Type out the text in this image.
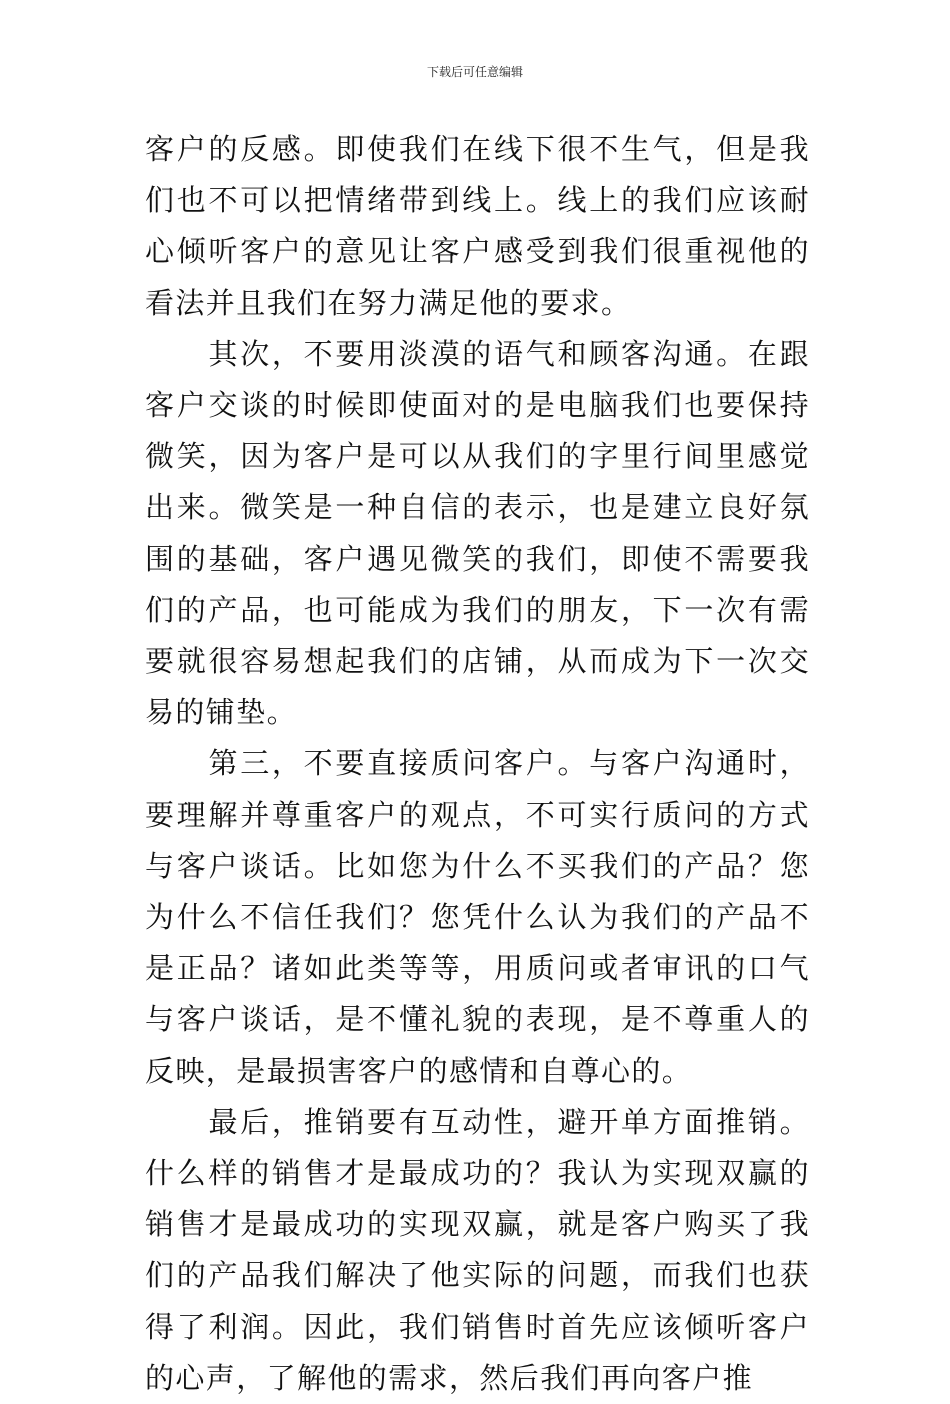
下载后可任意编辑

客户的反感。即使我们在线下很不生气，但是我们也不可以把情绪带到线上。线上的我们应该耐心倾听客户的意见让客户感受到我们很重视他的看法并且我们在努力满足他的要求。

　　其次，不要用淡漠的语气和顾客沟通。在跟客户交谈的时候即使面对的是电脑我们也要保持微笑，因为客户是可以从我们的字里行间里感觉出来。微笑是一种自信的表示，也是建立良好氛围的基础，客户遇见微笑的我们，即使不需要我们的产品，也可能成为我们的朋友，下一次有需要就很容易想起我们的店铺，从而成为下一次交易的铺垫。

　　第三，不要直接质问客户。与客户沟通时，要理解并尊重客户的观点，不可实行质问的方式与客户谈话。比如您为什么不买我们的产品？您为什么不信任我们？您凭什么认为我们的产品不是正品？诸如此类等等，用质问或者审讯的口气与客户谈话，是不懂礼貌的表现，是不尊重人的反映，是最损害客户的感情和自尊心的。

　　最后，推销要有互动性，避开单方面推销。什么样的销售才是最成功的？我认为实现双赢的销售才是最成功的实现双赢，就是客户购买了我们的产品我们解决了他实际的问题，而我们也获得了利润。因此，我们销售时首先应该倾听客户的心声，了解他的需求，然后我们再向客户推
